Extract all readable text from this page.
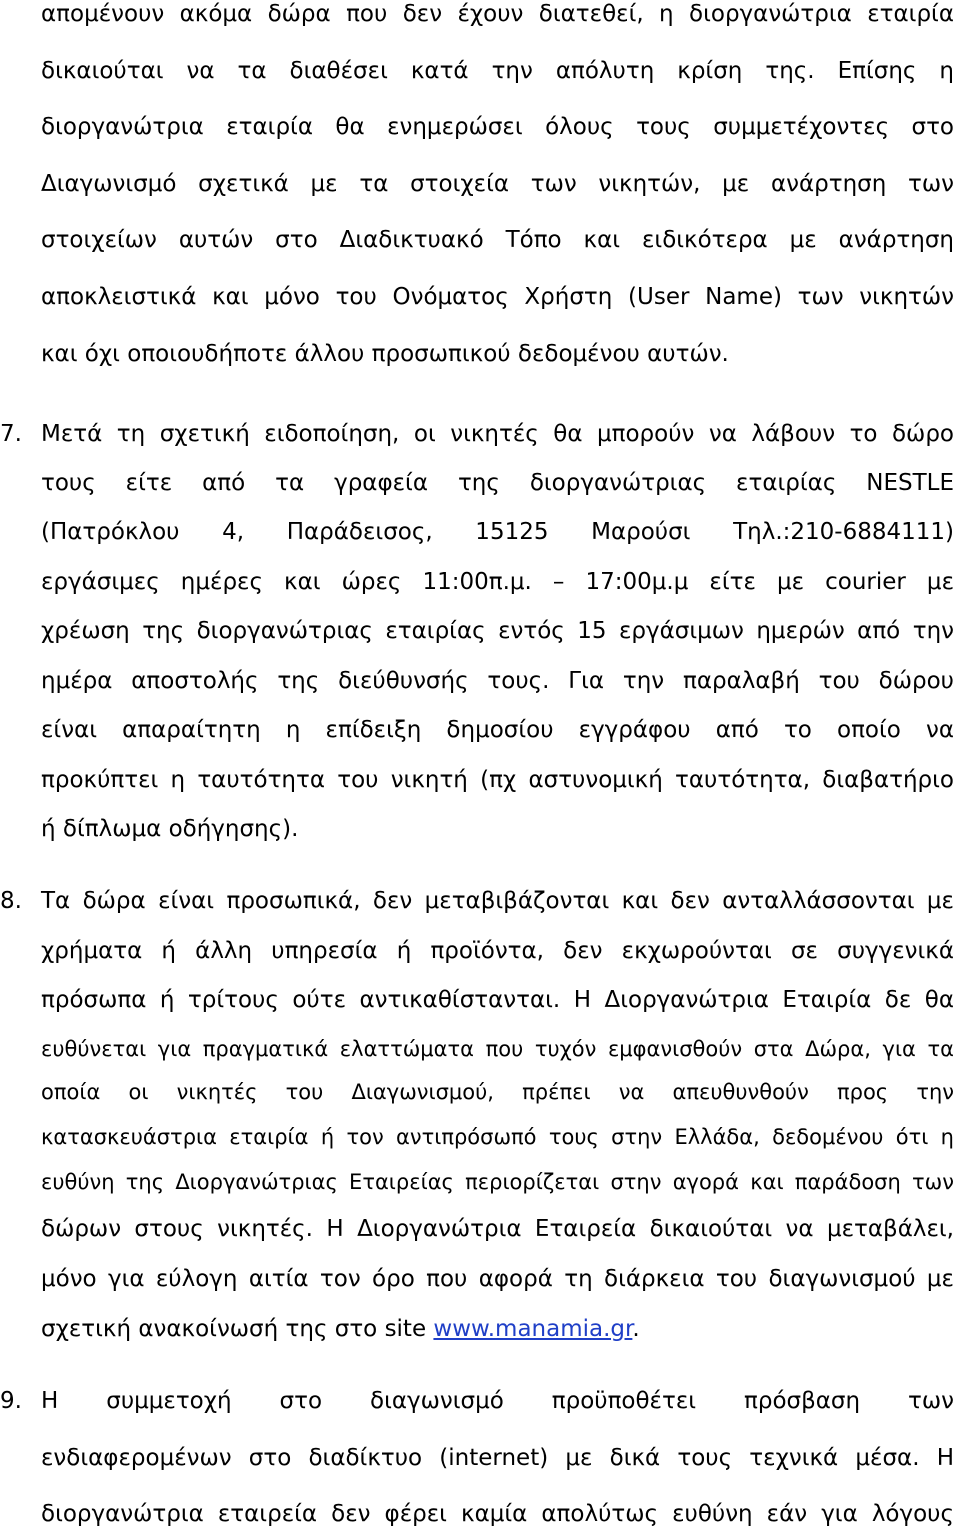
απομένουν ακόμα δώρα που δεν έχουν διατεθεί, η διοργανώτρια εταιρία
δικαιούται να τα διαθέσει κατά την απόλυτη κρίση της. Επίσης η
διοργανώτρια εταιρία θα ενημερώσει όλους τους συμμετέχοντες στο
Διαγωνισμό σχετικά με τα στοιχεία των νικητών, με ανάρτηση των
στοιχείων αυτών στο Διαδικτυακό Τόπο και ειδικότερα με ανάρτηση
αποκλειστικά και μόνο του Ονόματος Χρήστη (User Name) των νικητών
και όχι οποιουδήποτε άλλου προσωπικού δεδομένου αυτών.
7. Μετά τη σχετική ειδοποίηση, οι νικητές θα μπορούν να λάβουν το δώρο
τους είτε από τα γραφεία της διοργανώτριας εταιρίας NESTLE
(Πατρόκλου 4, Παράδεισος, 15125 Μαρούσι Τηλ.:210-6884111)
εργάσιμες ημέρες και ώρες 11:00π.μ. – 17:00μ.μ είτε με courier με
χρέωση της διοργανώτριας εταιρίας εντός 15 εργάσιμων ημερών από την
ημέρα αποστολής της διεύθυνσής τους. Για την παραλαβή του δώρου
είναι απαραίτητη η επίδειξη δημοσίου εγγράφου από το οποίο να
προκύπτει η ταυτότητα του νικητή (πχ αστυνομική ταυτότητα, διαβατήριο
ή δίπλωμα οδήγησης).
8. Τα δώρα είναι προσωπικά, δεν μεταβιβάζονται και δεν ανταλλάσσονται με
χρήματα ή άλλη υπηρεσία ή προϊόντα, δεν εκχωρούνται σε συγγενικά
πρόσωπα ή τρίτους ούτε αντικαθίστανται. Η Διοργανώτρια Εταιρία δε θα
ευθύνεται για πραγματικά ελαττώματα που τυχόν εμφανισθούν στα Δώρα, για τα
οποία οι νικητές του Διαγωνισμού, πρέπει να απευθυνθούν προς την
κατασκευάστρια εταιρία ή τον αντιπρόσωπό τους στην Ελλάδα, δεδομένου ότι η
ευθύνη της Διοργανώτριας Εταιρείας περιορίζεται στην αγορά και παράδοση των
δώρων στους νικητές. Η Διοργανώτρια Εταιρεία δικαιούται να μεταβάλει,
μόνο για εύλογη αιτία τον όρο που αφορά τη διάρκεια του διαγωνισμού με
σχετική ανακοίνωσή της στο site www.manamia.gr.
9. Η συμμετοχή στο διαγωνισμό προϋποθέτει πρόσβαση των
ενδιαφερομένων στο διαδίκτυο (internet) με δικά τους τεχνικά μέσα. Η
διοργανώτρια εταιρεία δεν φέρει καμία απολύτως ευθύνη εάν για λόγους
